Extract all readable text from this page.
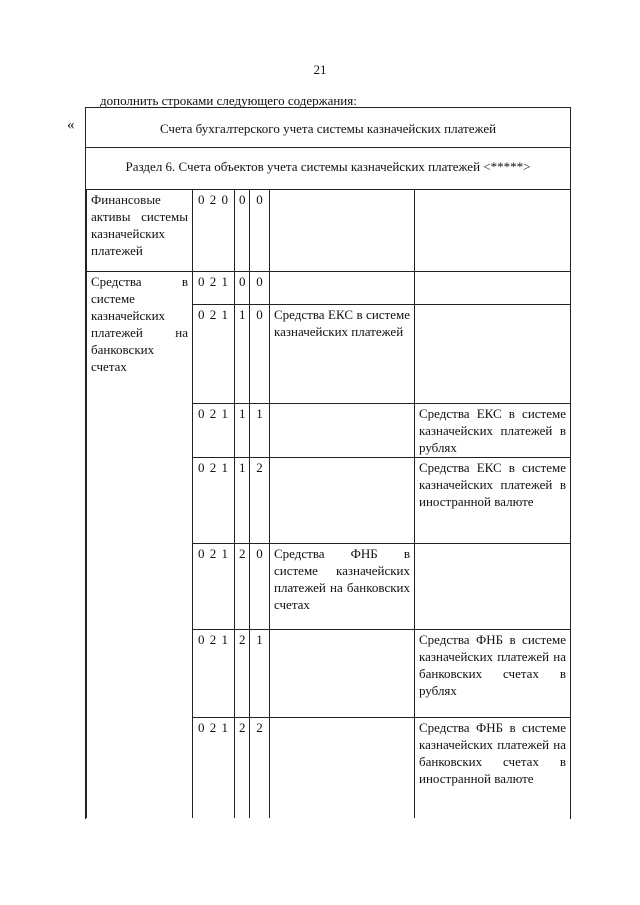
21
дополнить строками следующего содержания:
«	Счета бухгалтерского учета системы казначейских платежей
Раздел 6. Счета объектов учета системы казначейских платежей <*****>
Финансовые активы системы казначейских платежей	0 2 0	0	0		
Средства в системе казначейских платежей на банковских счетах	0 2 1	0	0		
	0 2 1	1	0	Средства ЕКС в системе казначейских платежей	
	0 2 1	1	1		Средства ЕКС в системе казначейских платежей в рублях
	0 2 1	1	2		Средства ЕКС в системе казначейских платежей в иностранной валюте
	0 2 1	2	0	Средства ФНБ в системе казначейских платежей на банковских счетах	
	0 2 1	2	1		Средства ФНБ в системе казначейских платежей на банковских счетах в рублях
	0 2 1	2	2		Средства ФНБ в системе казначейских платежей на банковских счетах в иностранной валюте
